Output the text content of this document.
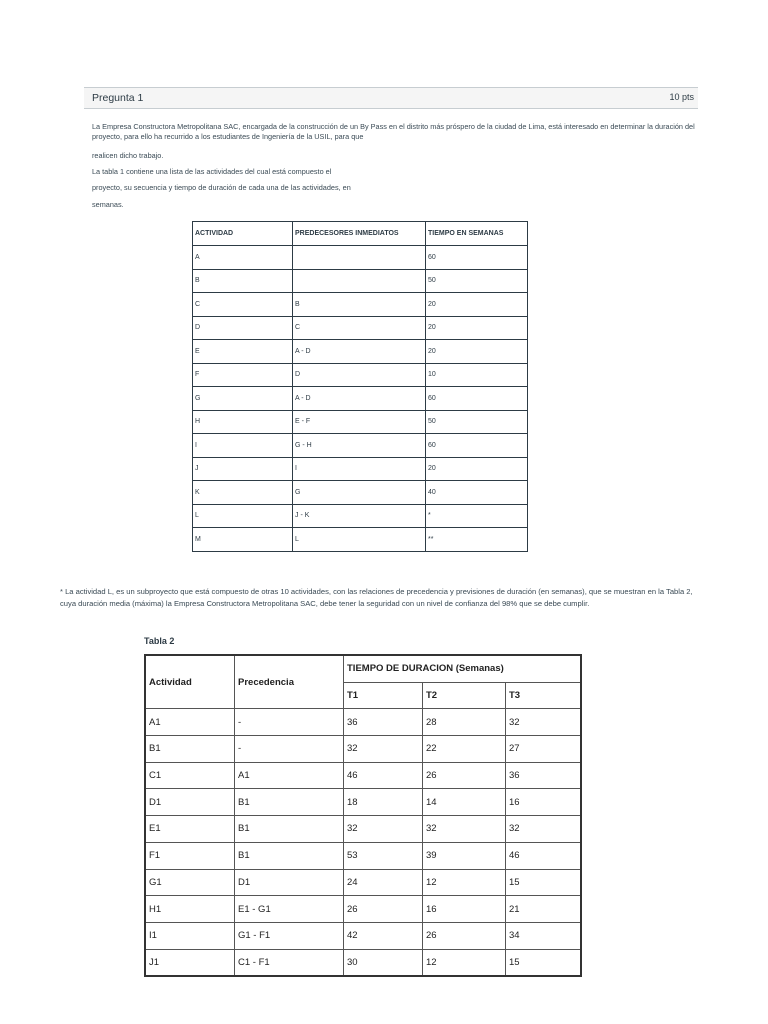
Pregunta 1	10 pts
La Empresa Constructora Metropolitana SAC, encargada de la construcción de un By Pass en el distrito más próspero de la ciudad de Lima, está interesado en determinar la duración del proyecto, para ello ha recurrido a los estudiantes de Ingeniería de la USIL, para que
realicen dicho trabajo.
La tabla 1 contiene una lista de las actividades del cual está compuesto el
proyecto, su secuencia y tiempo de duración de cada una de las actividades, en
semanas.
ACTIVIDAD	PREDECESORES INMEDIATOS	TIEMPO EN SEMANAS
A		60
B		50
C	B	20
D	C	20
E	A - D	20
F	D	10
G	A - D	60
H	E - F	50
I	G - H	60
J	I	20
K	G	40
L	J - K	*
M	L	**
* La actividad L, es un subproyecto que está compuesto de otras 10 actividades, con las relaciones de precedencia y previsiones de duración (en semanas), que se muestran en la Tabla 2, cuya duración media (máxima) la Empresa Constructora Metropolitana SAC, debe tener la seguridad con un nivel de confianza del 98% que se debe cumplir.
Tabla 2
Actividad	Precedencia	TIEMPO DE DURACION (Semanas)		
		T1	T2	T3
A1	-	36	28	32
B1	-	32	22	27
C1	A1	46	26	36
D1	B1	18	14	16
E1	B1	32	32	32
F1	B1	53	39	46
G1	D1	24	12	15
H1	E1 - G1	26	16	21
I1	G1 - F1	42	26	34
J1	C1 - F1	30	12	15
